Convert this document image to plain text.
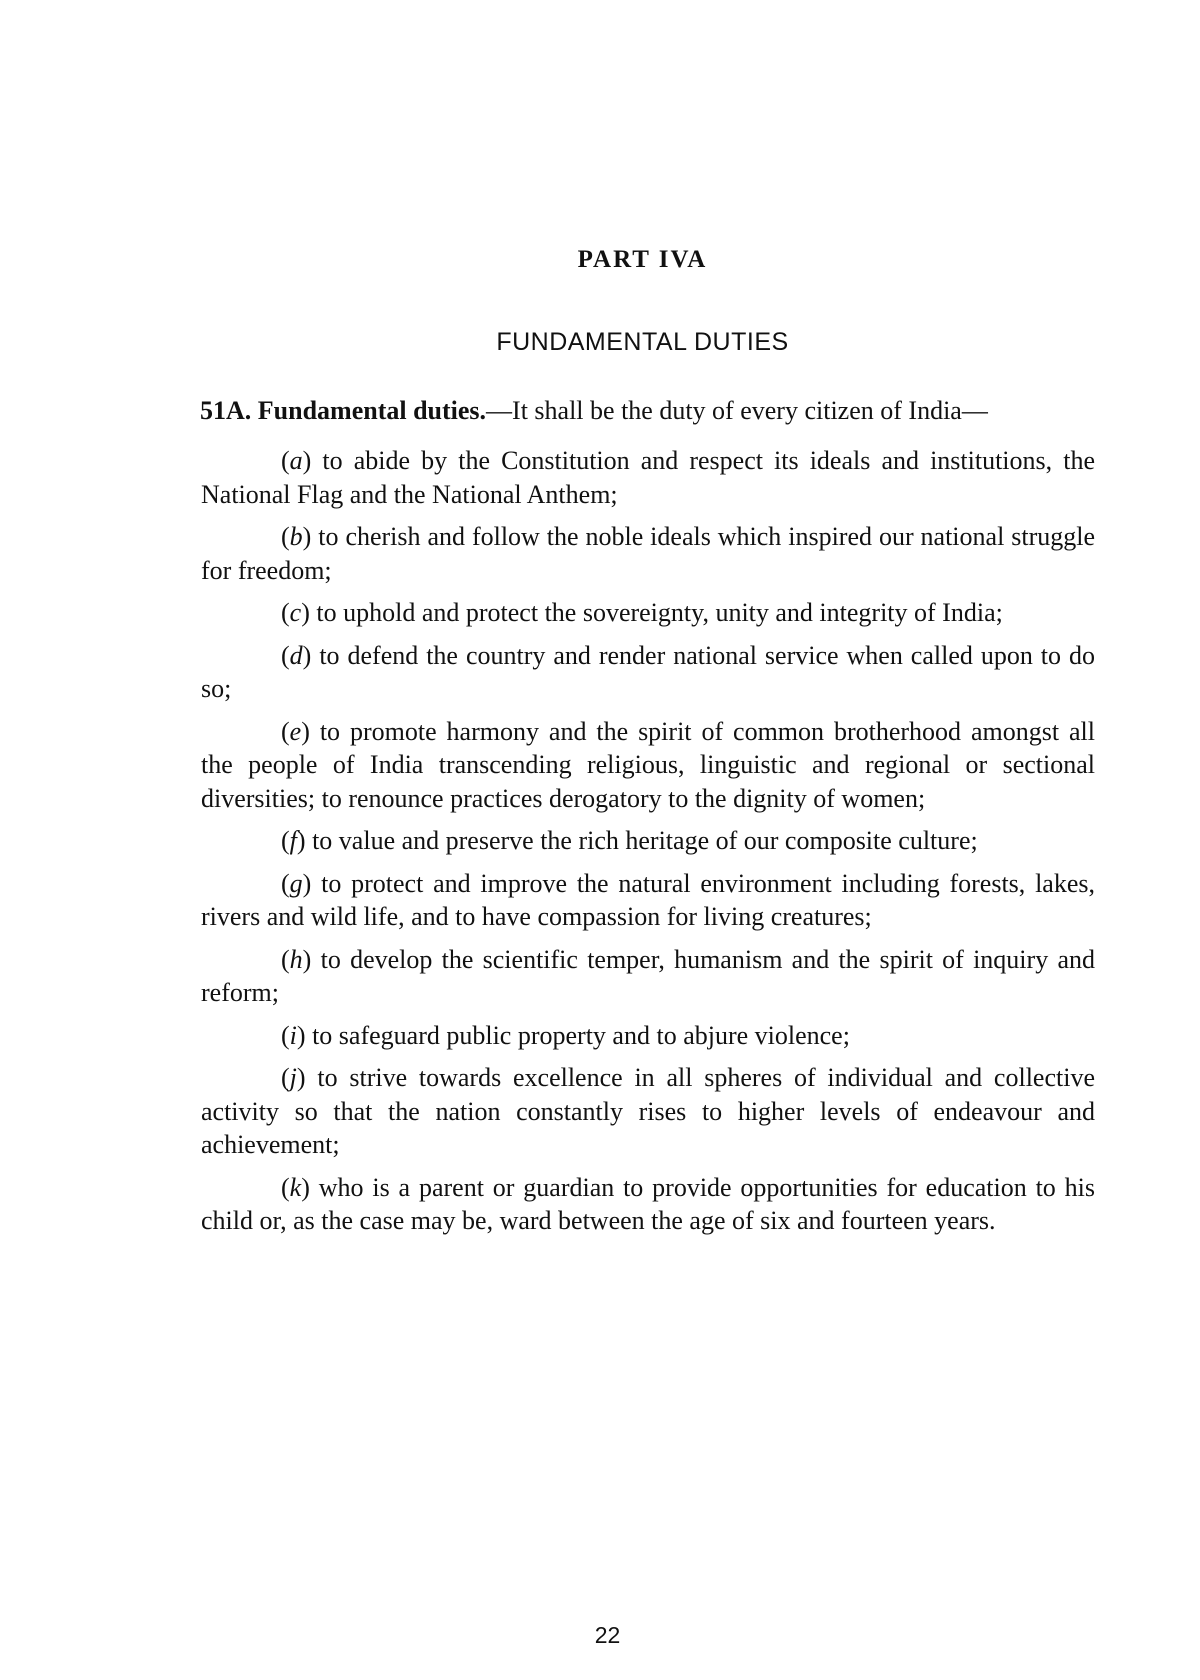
PART IVA
FUNDAMENTAL DUTIES

51A. Fundamental duties.—It shall be the duty of every citizen of India—

(a) to abide by the Constitution and respect its ideals and institutions, the National Flag and the National Anthem;
(b) to cherish and follow the noble ideals which inspired our national struggle for freedom;
(c) to uphold and protect the sovereignty, unity and integrity of India;
(d) to defend the country and render national service when called upon to do so;
(e) to promote harmony and the spirit of common brotherhood amongst all the people of India transcending religious, linguistic and regional or sectional diversities; to renounce practices derogatory to the dignity of women;
(f) to value and preserve the rich heritage of our composite culture;
(g) to protect and improve the natural environment including forests, lakes, rivers and wild life, and to have compassion for living creatures;
(h) to develop the scientific temper, humanism and the spirit of inquiry and reform;
(i) to safeguard public property and to abjure violence;
(j) to strive towards excellence in all spheres of individual and collective activity so that the nation constantly rises to higher levels of endeavour and achievement;
(k) who is a parent or guardian to provide opportunities for education to his child or, as the case may be, ward between the age of six and fourteen years.
22
